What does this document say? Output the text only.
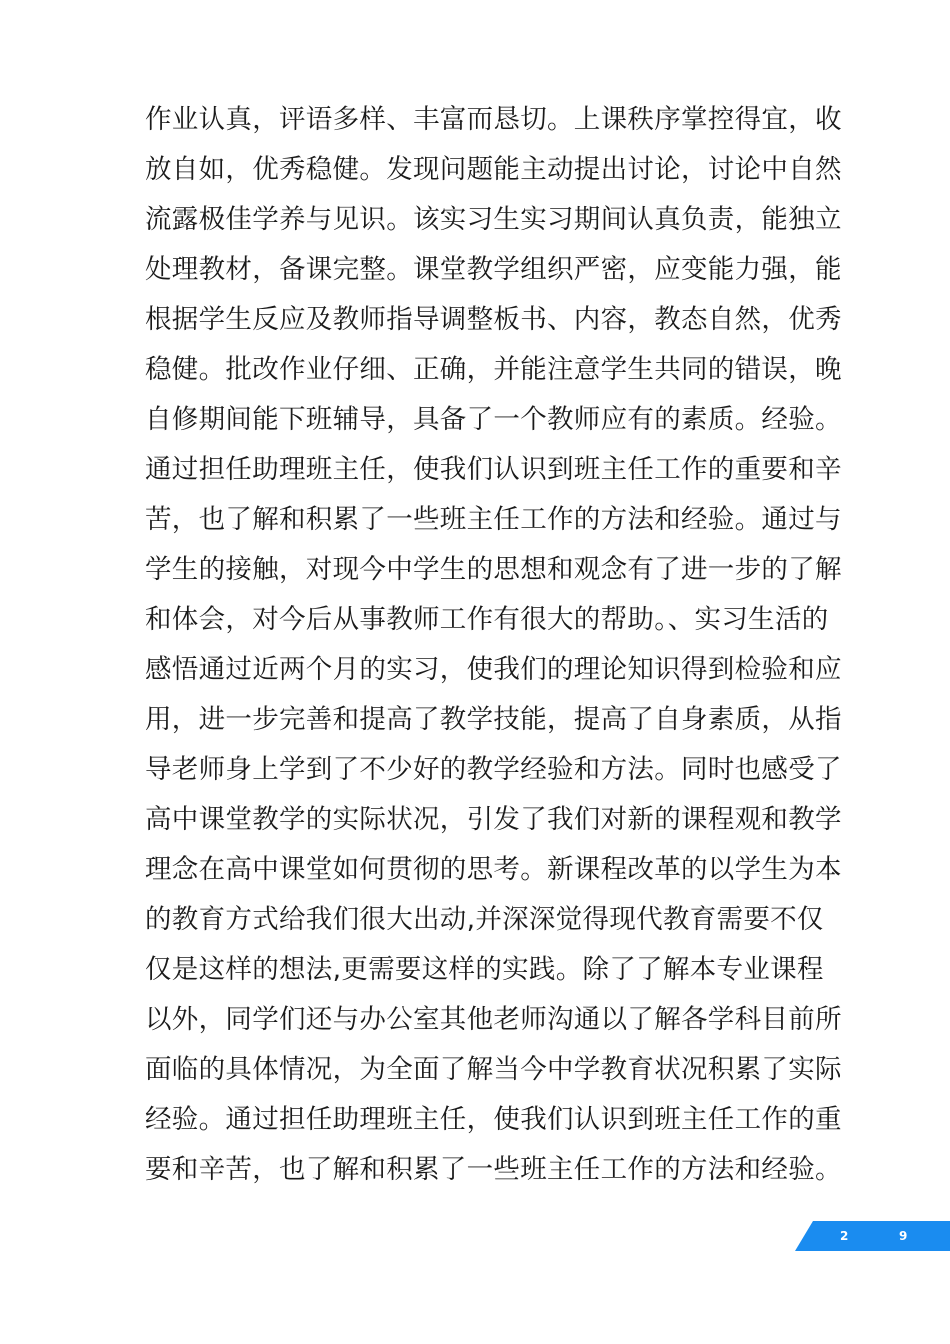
作业认真，评语多样、丰富而恳切。上课秩序掌控得宜，收
放自如，优秀稳健。发现问题能主动提出讨论，讨论中自然
流露极佳学养与见识。该实习生实习期间认真负责，能独立
处理教材，备课完整。课堂教学组织严密，应变能力强，能
根据学生反应及教师指导调整板书、内容，教态自然，优秀
稳健。批改作业仔细、正确，并能注意学生共同的错误，晚
自修期间能下班辅导，具备了一个教师应有的素质。经验。
通过担任助理班主任，使我们认识到班主任工作的重要和辛
苦，也了解和积累了一些班主任工作的方法和经验。通过与
学生的接触，对现今中学生的思想和观念有了进一步的了解
和体会，对今后从事教师工作有很大的帮助。、实习生活的
感悟通过近两个月的实习，使我们的理论知识得到检验和应
用，进一步完善和提高了教学技能，提高了自身素质，从指
导老师身上学到了不少好的教学经验和方法。同时也感受了
高中课堂教学的实际状况，引发了我们对新的课程观和教学
理念在高中课堂如何贯彻的思考。新课程改革的以学生为本
的教育方式给我们很大出动,并深深觉得现代教育需要不仅
仅是这样的想法,更需要这样的实践。除了了解本专业课程
以外，同学们还与办公室其他老师沟通以了解各学科目前所
面临的具体情况，为全面了解当今中学教育状况积累了实际
经验。通过担任助理班主任，使我们认识到班主任工作的重
要和辛苦，也了解和积累了一些班主任工作的方法和经验。
2	9
